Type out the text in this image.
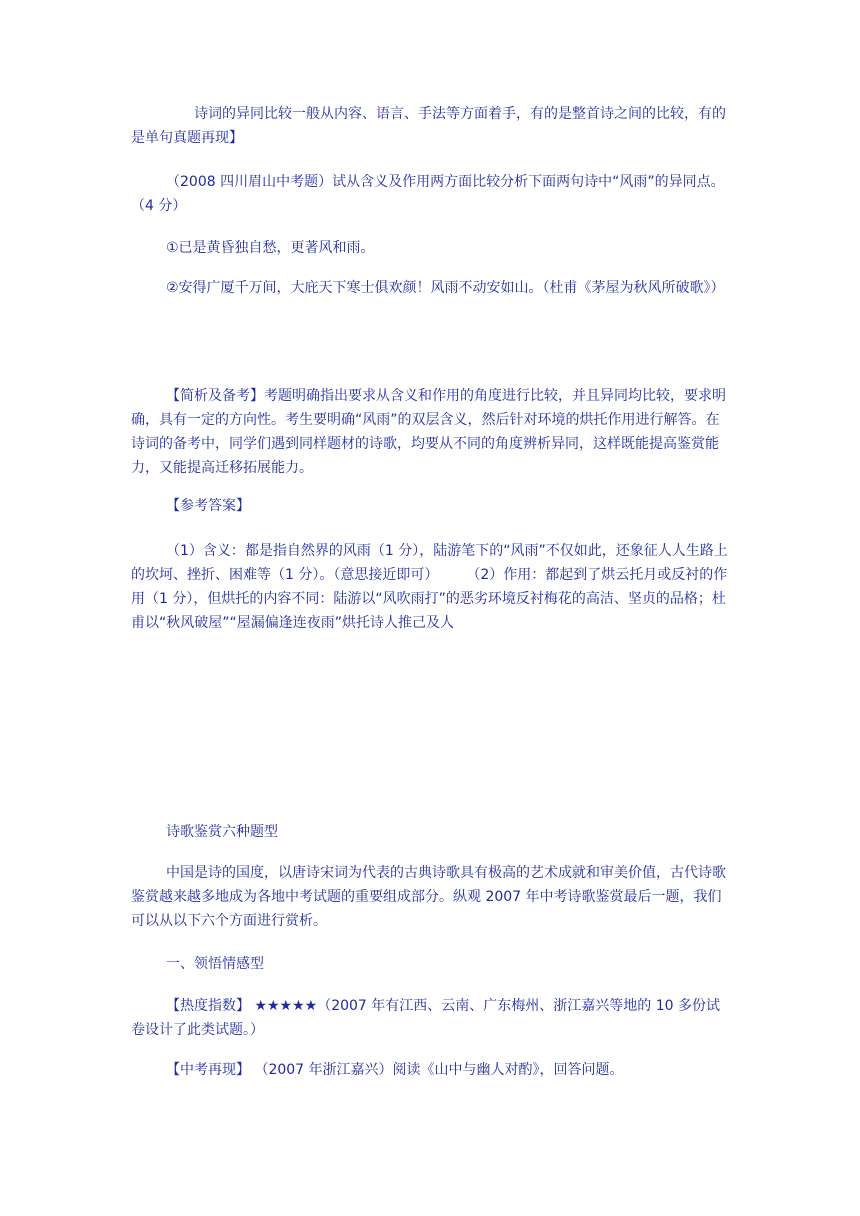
诗词的异同比较一般从内容、语言、手法等方面着手，有的是整首诗之间的比较，有的是单句真题再现】

（2008 四川眉山中考题）试从含义及作用两方面比较分析下面两句诗中“风雨”的异同点。（4 分）

①已是黄昏独自愁，更著风和雨。

②安得广厦千万间，大庇天下寒士俱欢颜！风雨不动安如山。（杜甫《茅屋为秋风所破歌》）

【简析及备考】考题明确指出要求从含义和作用的角度进行比较，并且异同均比较，要求明确，具有一定的方向性。考生要明确“风雨”的双层含义，然后针对环境的烘托作用进行解答。在诗词的备考中，同学们遇到同样题材的诗歌，均要从不同的角度辨析异同，这样既能提高鉴赏能力，又能提高迁移拓展能力。

【参考答案】

（1）含义：都是指自然界的风雨（1 分），陆游笔下的“风雨”不仅如此，还象征人人生路上的坎坷、挫折、困难等（1 分）。（意思接近即可）　　　（2）作用：都起到了烘云托月或反衬的作用（1 分），但烘托的内容不同：陆游以“风吹雨打”的恶劣环境反衬梅花的高洁、坚贞的品格；杜甫以“秋风破屋”“屋漏偏逢连夜雨”烘托诗人推己及人

诗歌鉴赏六种题型

中国是诗的国度，以唐诗宋词为代表的古典诗歌具有极高的艺术成就和审美价值，古代诗歌鉴赏越来越多地成为各地中考试题的重要组成部分。纵观 2007 年中考诗歌鉴赏最后一题，我们可以从以下六个方面进行赏析。

一、领悟情感型

【热度指数】 ★★★★★（2007 年有江西、云南、广东梅州、浙江嘉兴等地的 10 多份试卷设计了此类试题。）

【中考再现】 （2007 年浙江嘉兴）阅读《山中与幽人对酌》，回答问题。
